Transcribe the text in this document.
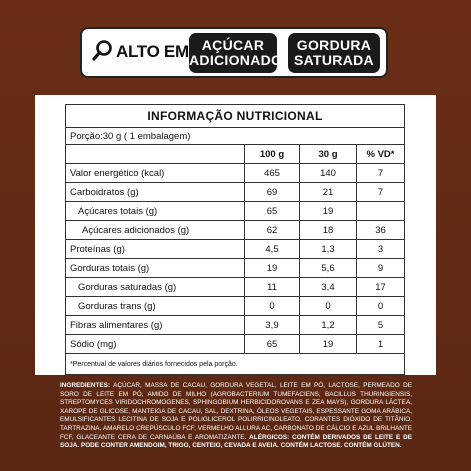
ALTO EM AÇÚCAR
ADICIONADO
GORDURA
SATURADA
INFORMAÇÃO NUTRICIONAL			
Porção:30 g ( 1 embalagem)			
	100 g	30 g	% VD*
Valor energético (kcal)	465	140	7
Carboidratos (g)	69	21	7
Açúcares totais (g)	65	19	
Açúcares adicionados (g)	62	18	36
Proteínas (g)	4,5	1,3	3
Gorduras totais (g)	19	5,6	9
Gorduras saturadas (g)	11	3,4	17
Gorduras trans (g)	0	0	0
Fibras alimentares (g)	3,9	1,2	5
Sódio (mg)	65	19	1
*Percentual de valores diários fornecidos pela porção.			
INGREDIENTES: AÇÚCAR, MASSA DE CACAU, GORDURA VEGETAL, LEITE EM PÓ, LACTOSE, PERMEADO DE SORO DE LEITE EM PÓ, AMIDO DE MILHO (AGROBACTERIUM TUMEFACIENS, BACILLUS THURINGIENSIS, STREPTOMYCES VIRIDOCHROMOGENES, SPHINGOBIUM HERBICIDOROVANS E ZEA MAYS), GORDURA LÁCTEA, XAROPE DE GLICOSE, MANTEIGA DE CACAU, SAL, DEXTRINA, ÓLEOS VEGETAIS, ESPESSANTE GOMA ARÁBICA, EMULSIFICANTES LECITINA DE SOJA E POLIGLICEROL POLIRRICINOLEATO, CORANTES DIÓXIDO DE TITÂNIO, TARTRAZINA, AMARELO CREPÚSCULO FCF, VERMELHO ALLURA AC, CARBONATO DE CÁLCIO E AZUL BRILHANTE FCF, GLACEANTE CERA DE CARNAÚBA E AROMATIZANTE. ALÉRGICOS: CONTÉM DERIVADOS DE LEITE E DE SOJA. PODE CONTER AMENDOIM, TRIGO, CENTEIO, CEVADA E AVEIA. CONTÉM LACTOSE. CONTÉM GLÚTEN.
